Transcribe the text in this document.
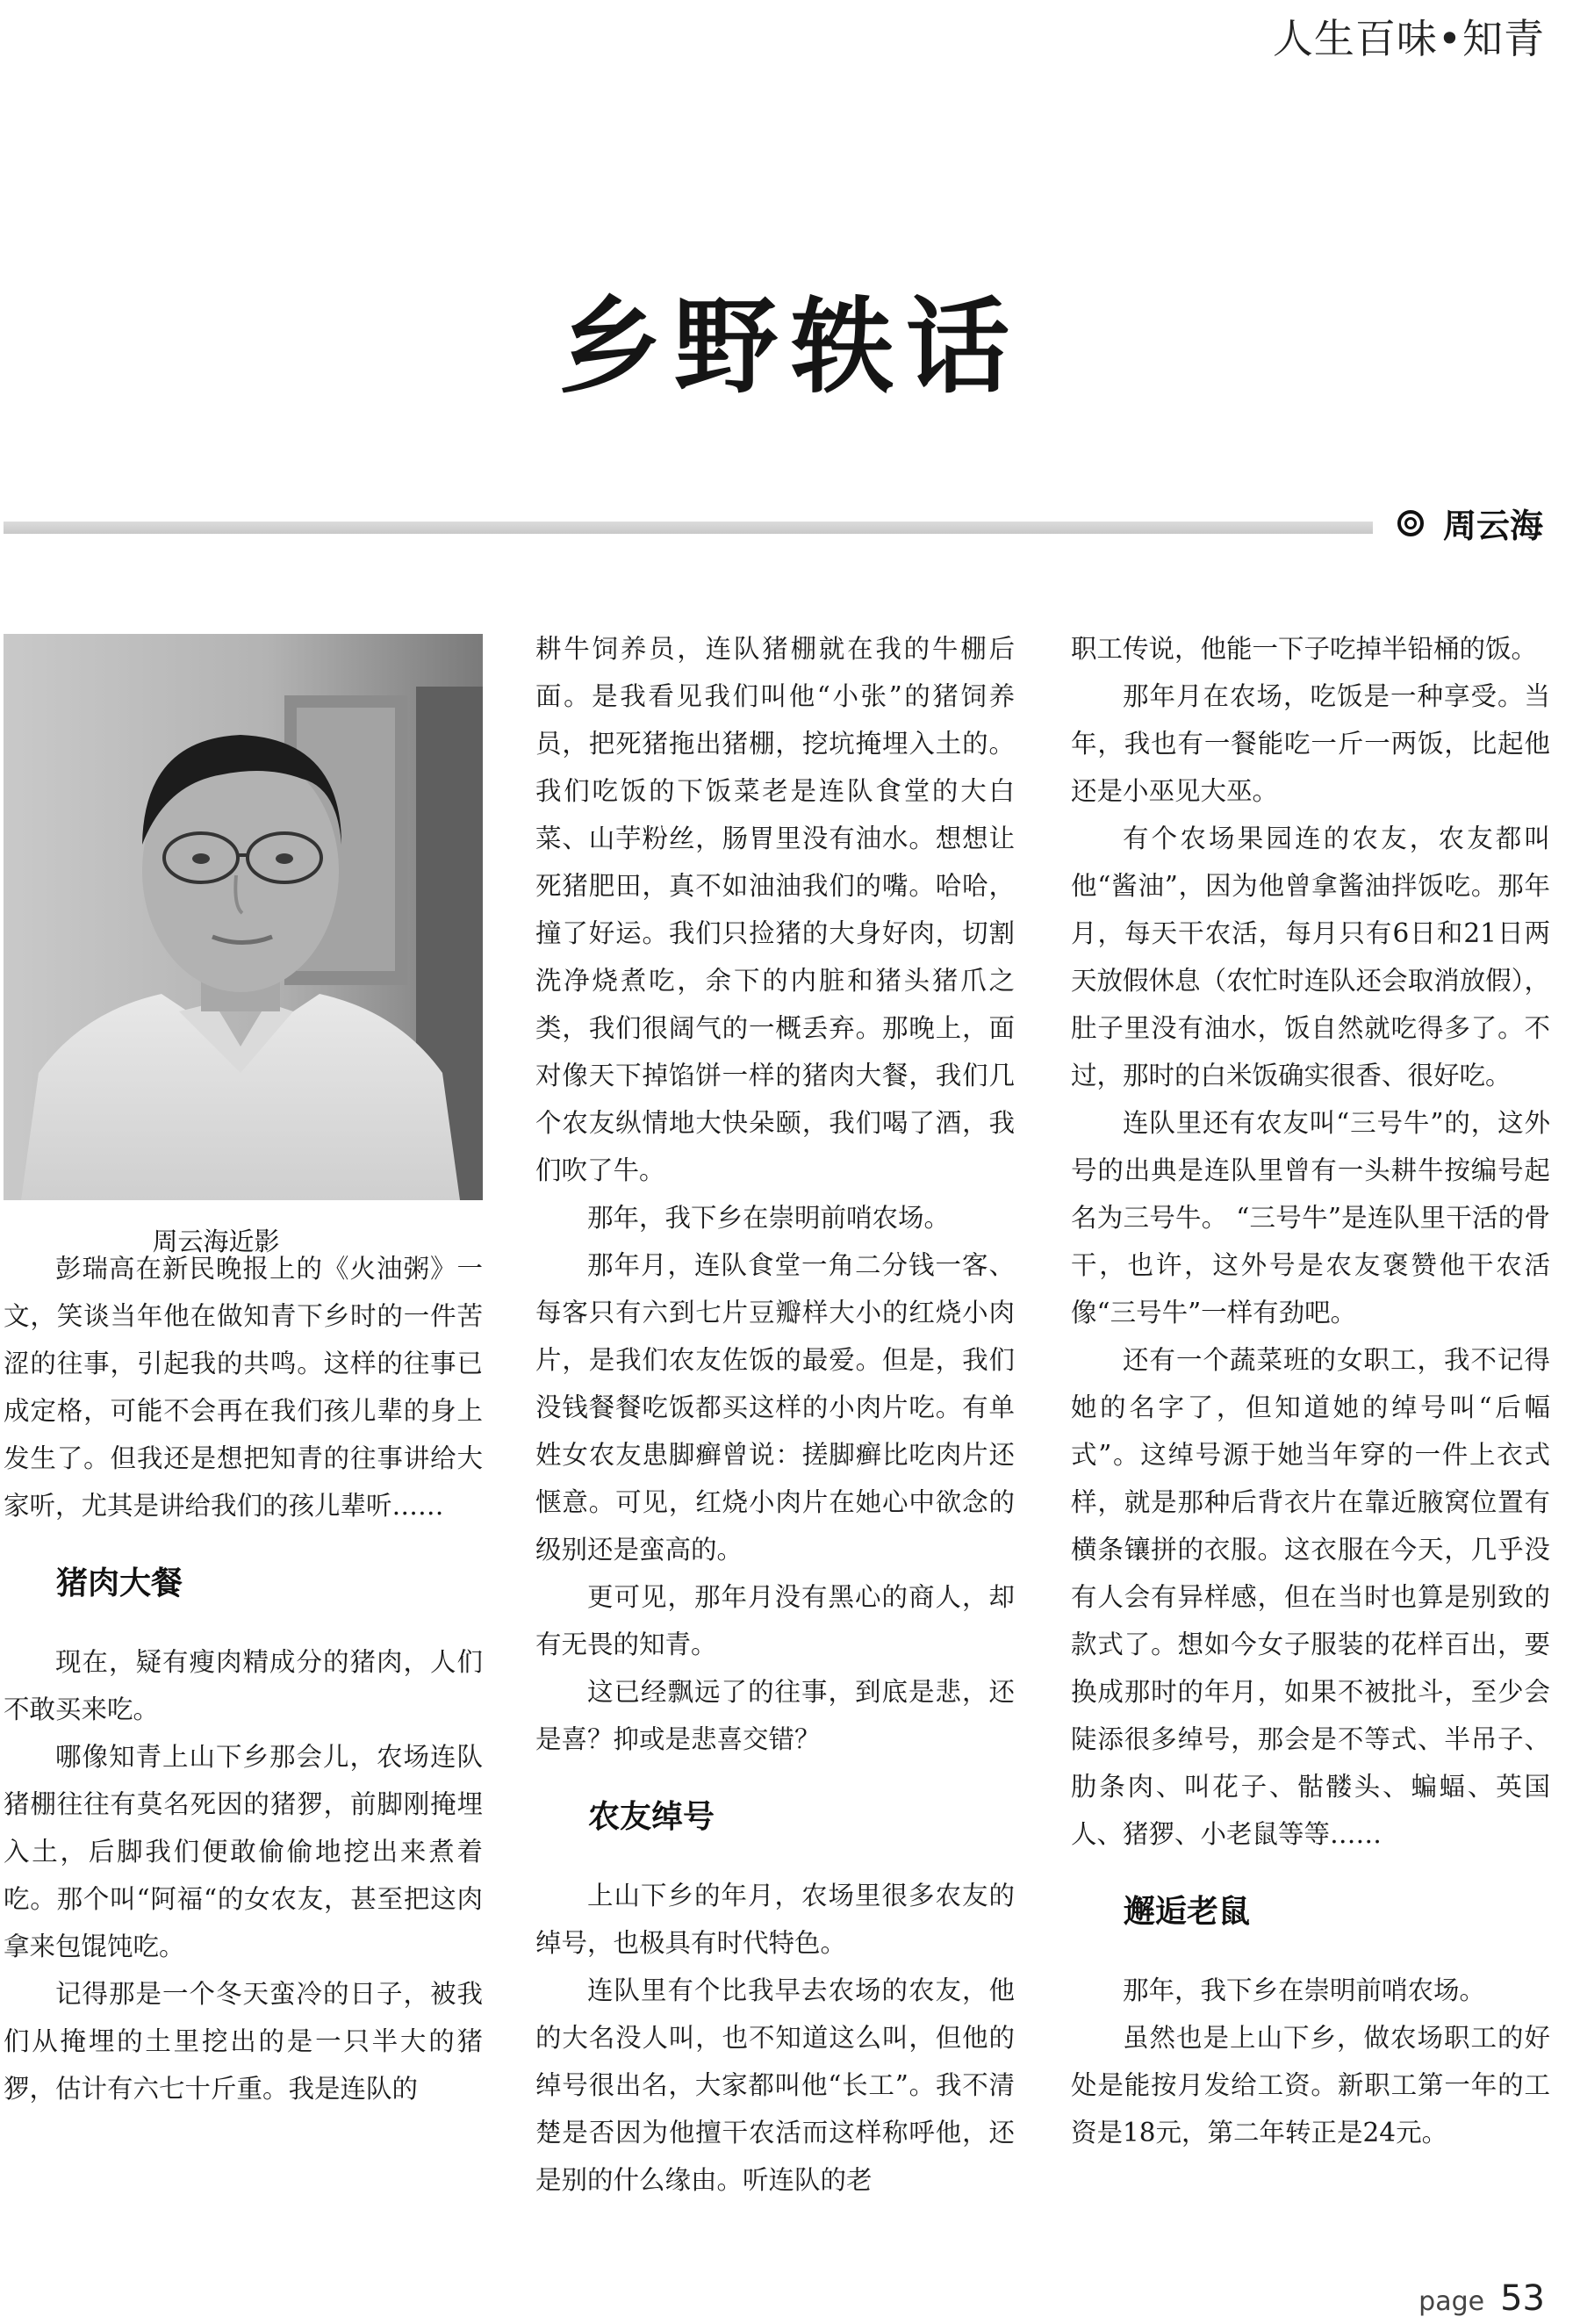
人生百味•知青
乡野轶话
周云海
周云海近影

彭瑞高在新民晚报上的《火油粥》一文，笑谈当年他在做知青下乡时的一件苦涩的往事，引起我的共鸣。这样的往事已成定格，可能不会再在我们孩儿辈的身上发生了。但我还是想把知青的往事讲给大家听，尤其是讲给我们的孩儿辈听……

猪肉大餐

现在，疑有瘦肉精成分的猪肉，人们不敢买来吃。

哪像知青上山下乡那会儿，农场连队猪棚往往有莫名死因的猪猡，前脚刚掩埋入土，后脚我们便敢偷偷地挖出来煮着吃。那个叫“阿福“的女农友，甚至把这肉拿来包馄饨吃。

记得那是一个冬天蛮冷的日子，被我们从掩埋的土里挖出的是一只半大的猪猡，估计有六七十斤重。我是连队的

耕牛饲养员，连队猪棚就在我的牛棚后面。是我看见我们叫他“小张”的猪饲养员，把死猪拖出猪棚，挖坑掩埋入土的。我们吃饭的下饭菜老是连队食堂的大白菜、山芋粉丝，肠胃里没有油水。想想让死猪肥田，真不如油油我们的嘴。哈哈，撞了好运。我们只捡猪的大身好肉，切割洗净烧煮吃，余下的内脏和猪头猪爪之类，我们很阔气的一概丢弃。那晚上，面对像天下掉馅饼一样的猪肉大餐，我们几个农友纵情地大快朵颐，我们喝了酒，我们吹了牛。

那年，我下乡在崇明前哨农场。

那年月，连队食堂一角二分钱一客、每客只有六到七片豆瓣样大小的红烧小肉片，是我们农友佐饭的最爱。但是，我们没钱餐餐吃饭都买这样的小肉片吃。有单姓女农友患脚癣曾说：搓脚癣比吃肉片还惬意。可见，红烧小肉片在她心中欲念的级别还是蛮高的。

更可见，那年月没有黑心的商人，却有无畏的知青。

这已经飘远了的往事，到底是悲，还是喜？抑或是悲喜交错？

农友绰号

上山下乡的年月，农场里很多农友的绰号，也极具有时代特色。

连队里有个比我早去农场的农友，他的大名没人叫，也不知道这么叫，但他的绰号很出名，大家都叫他“长工”。我不清楚是否因为他擅干农活而这样称呼他，还是别的什么缘由。听连队的老

职工传说，他能一下子吃掉半铅桶的饭。

那年月在农场，吃饭是一种享受。当年，我也有一餐能吃一斤一两饭，比起他还是小巫见大巫。

有个农场果园连的农友，农友都叫他“酱油”，因为他曾拿酱油拌饭吃。那年月，每天干农活，每月只有6日和21日两天放假休息（农忙时连队还会取消放假），肚子里没有油水，饭自然就吃得多了。不过，那时的白米饭确实很香、很好吃。

连队里还有农友叫“三号牛”的，这外号的出典是连队里曾有一头耕牛按编号起名为三号牛。 “三号牛”是连队里干活的骨干，也许，这外号是农友褒赞他干农活像“三号牛”一样有劲吧。

还有一个蔬菜班的女职工，我不记得她的名字了，但知道她的绰号叫“后幅式”。这绰号源于她当年穿的一件上衣式样，就是那种后背衣片在靠近腋窝位置有横条镶拼的衣服。这衣服在今天，几乎没有人会有异样感，但在当时也算是别致的款式了。想如今女子服装的花样百出，要换成那时的年月，如果不被批斗，至少会陡添很多绰号，那会是不等式、半吊子、肋条肉、叫花子、骷髅头、蝙蝠、英国人、猪猡、小老鼠等等……

邂逅老鼠

那年，我下乡在崇明前哨农场。

虽然也是上山下乡，做农场职工的好处是能按月发给工资。新职工第一年的工资是18元，第二年转正是24元。

page 53
